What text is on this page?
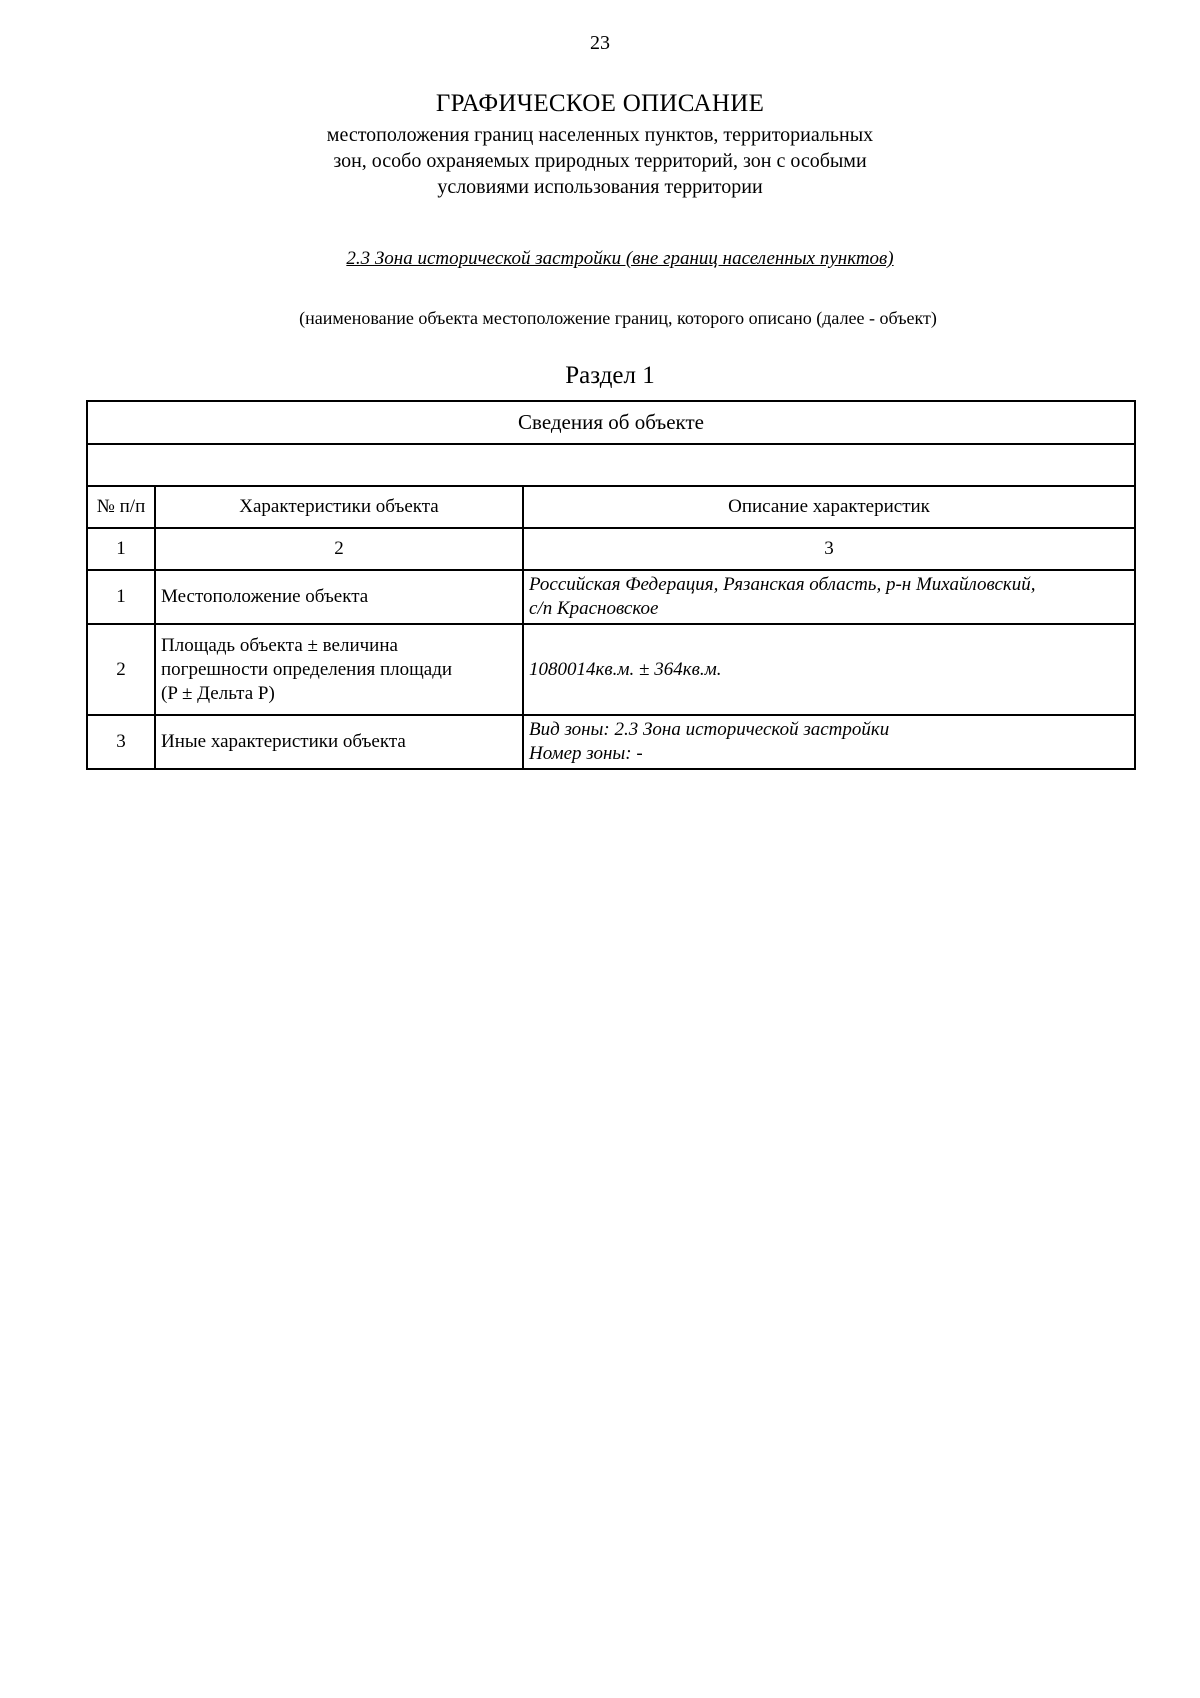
23
ГРАФИЧЕСКОЕ ОПИСАНИЕ
местоположения границ населенных пунктов, территориальных
зон, особо охраняемых природных территорий, зон с особыми
условиями использования территории
2.3 Зона исторической застройки (вне границ населенных пунктов)
(наименование объекта местоположение границ, которого описано (далее - объект)
Раздел 1
Сведения об объекте		

№ п/п	Характеристики объекта	Описание характеристик
1	2	3
1	Местоположение объекта	Российская Федерация, Рязанская область, р-н Михайловский,
с/п Красновское

2	Площадь объекта ± величина
погрешности определения площади
(P ± Дельта P)	1080014кв.м. ± 364кв.м.

3	Иные характеристики объекта	Вид зоны: 2.3 Зона исторической застройки
Номер зоны: -
